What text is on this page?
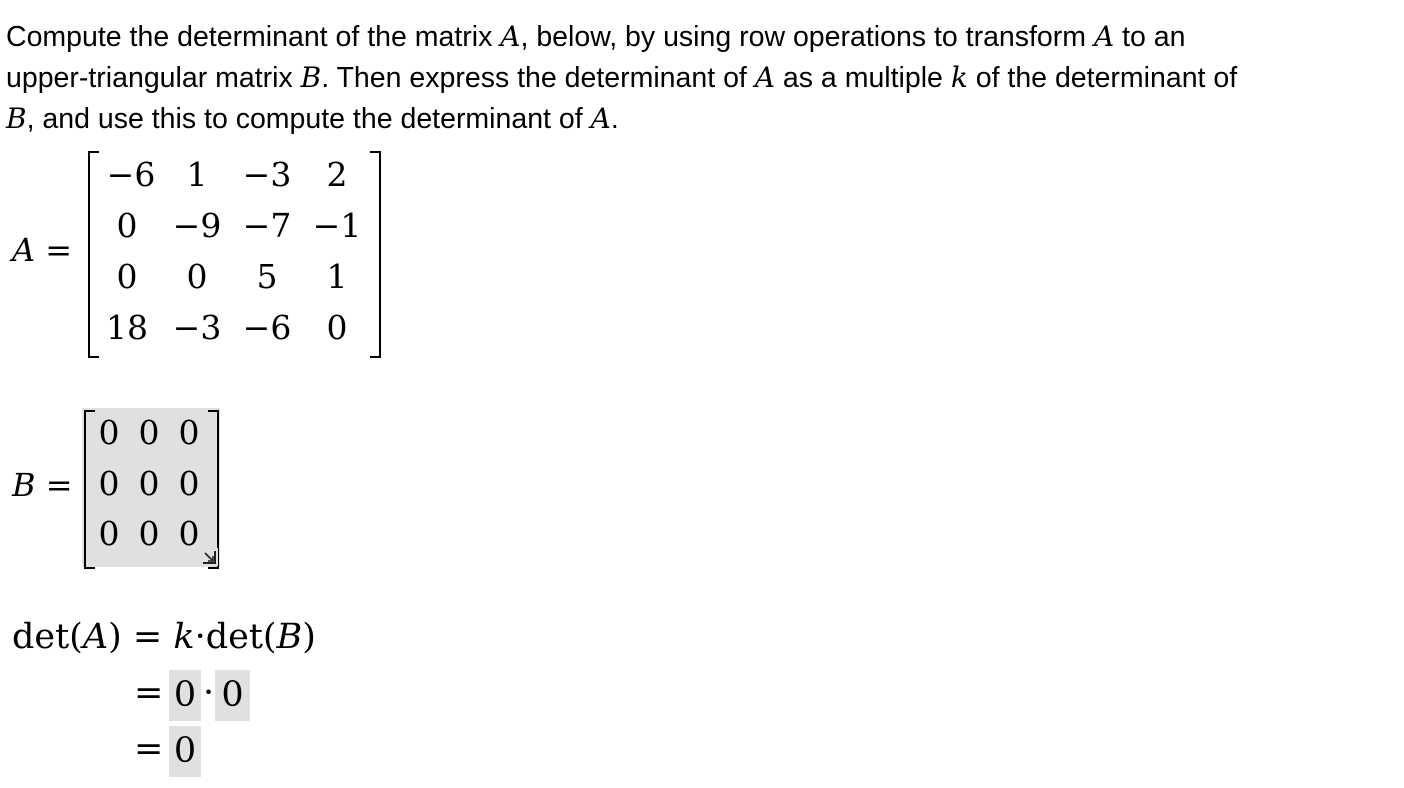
Compute the determinant of the matrix A, below, by using row operations to transform A to an
upper-triangular matrix B. Then express the determinant of A as a multiple k of the determinant of
B, and use this to compute the determinant of A.
A =
−6 1	−3	2
0	−9 −7 −1
0	0	5	1
18 −3 −6	0
B =
0 0 0
0 0 0
0 0 0
det(A) = k·det(B)
= 0 · 0
= 0
